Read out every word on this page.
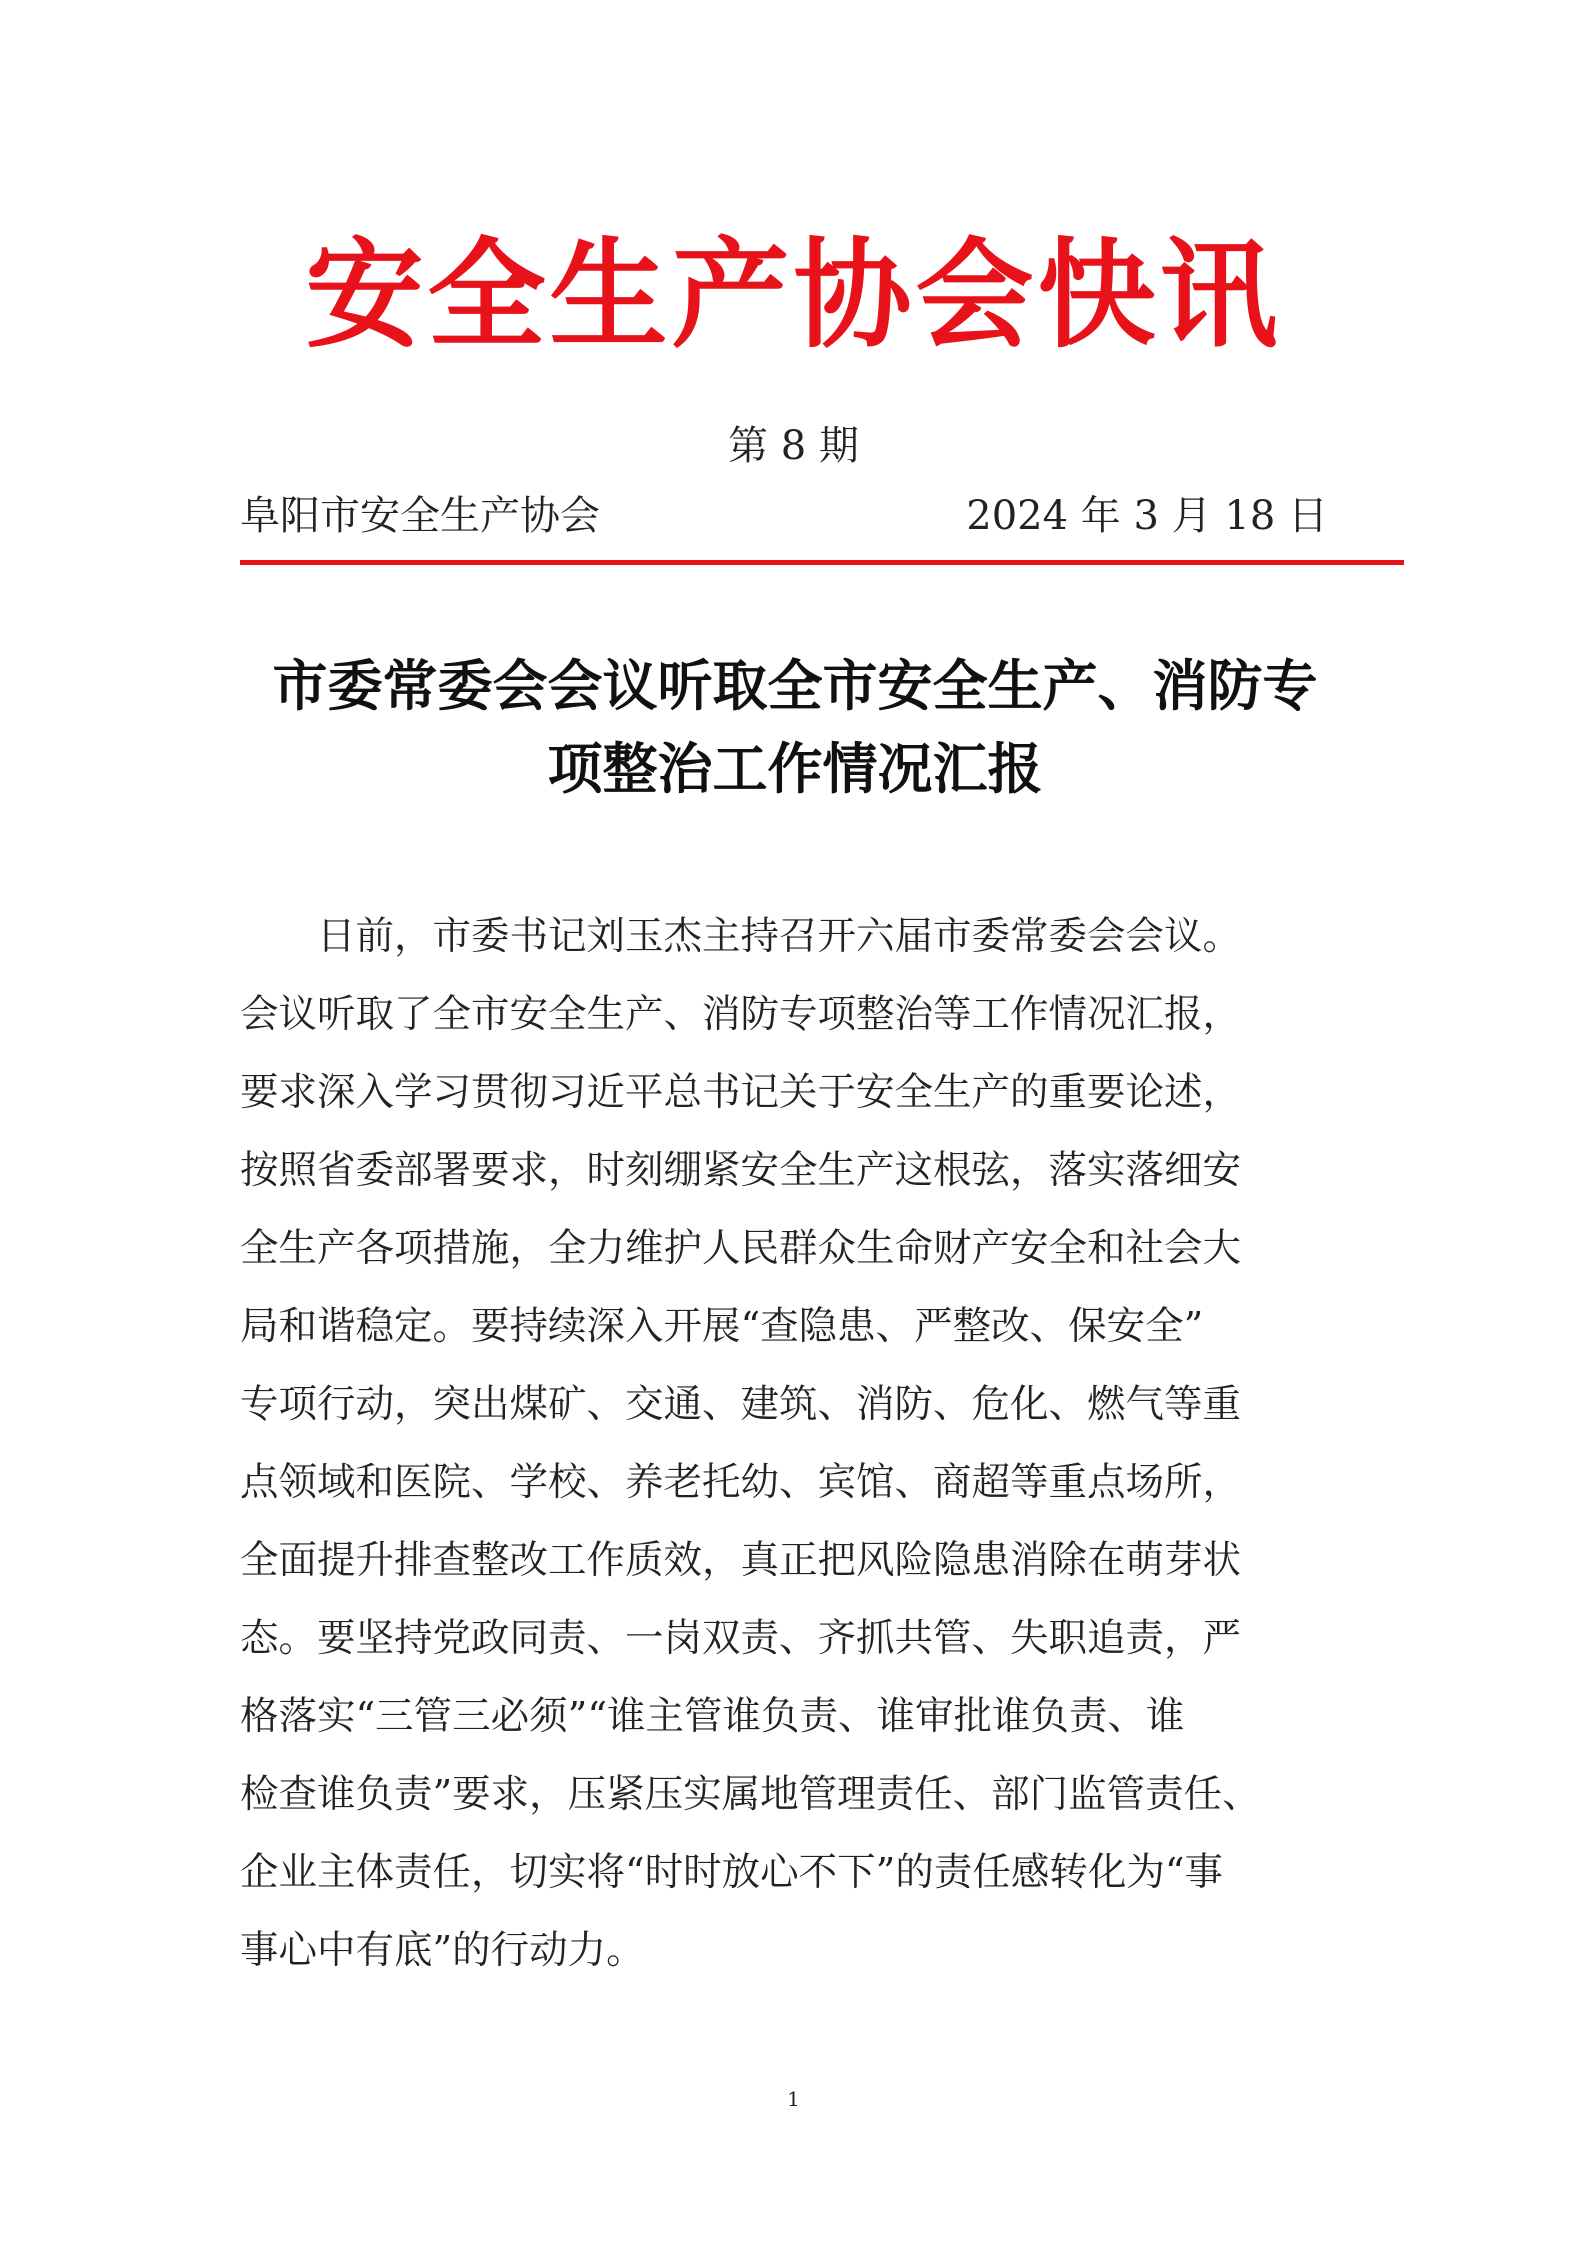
安全生产协会快讯
第 8 期
阜阳市安全生产协会	2024 年 3 月 18 日
市委常委会会议听取全市安全生产、消防专
项整治工作情况汇报
　　日前，市委书记刘玉杰主持召开六届市委常委会会议。
会议听取了全市安全生产、消防专项整治等工作情况汇报，
要求深入学习贯彻习近平总书记关于安全生产的重要论述，
按照省委部署要求，时刻绷紧安全生产这根弦，落实落细安
全生产各项措施，全力维护人民群众生命财产安全和社会大
局和谐稳定。要持续深入开展“查隐患、严整改、保安全”
专项行动，突出煤矿、交通、建筑、消防、危化、燃气等重
点领域和医院、学校、养老托幼、宾馆、商超等重点场所，
全面提升排查整改工作质效，真正把风险隐患消除在萌芽状
态。要坚持党政同责、一岗双责、齐抓共管、失职追责，严
格落实“三管三必须”“谁主管谁负责、谁审批谁负责、谁
检查谁负责”要求，压紧压实属地管理责任、部门监管责任、
企业主体责任，切实将“时时放心不下”的责任感转化为“事
事心中有底”的行动力。
1
